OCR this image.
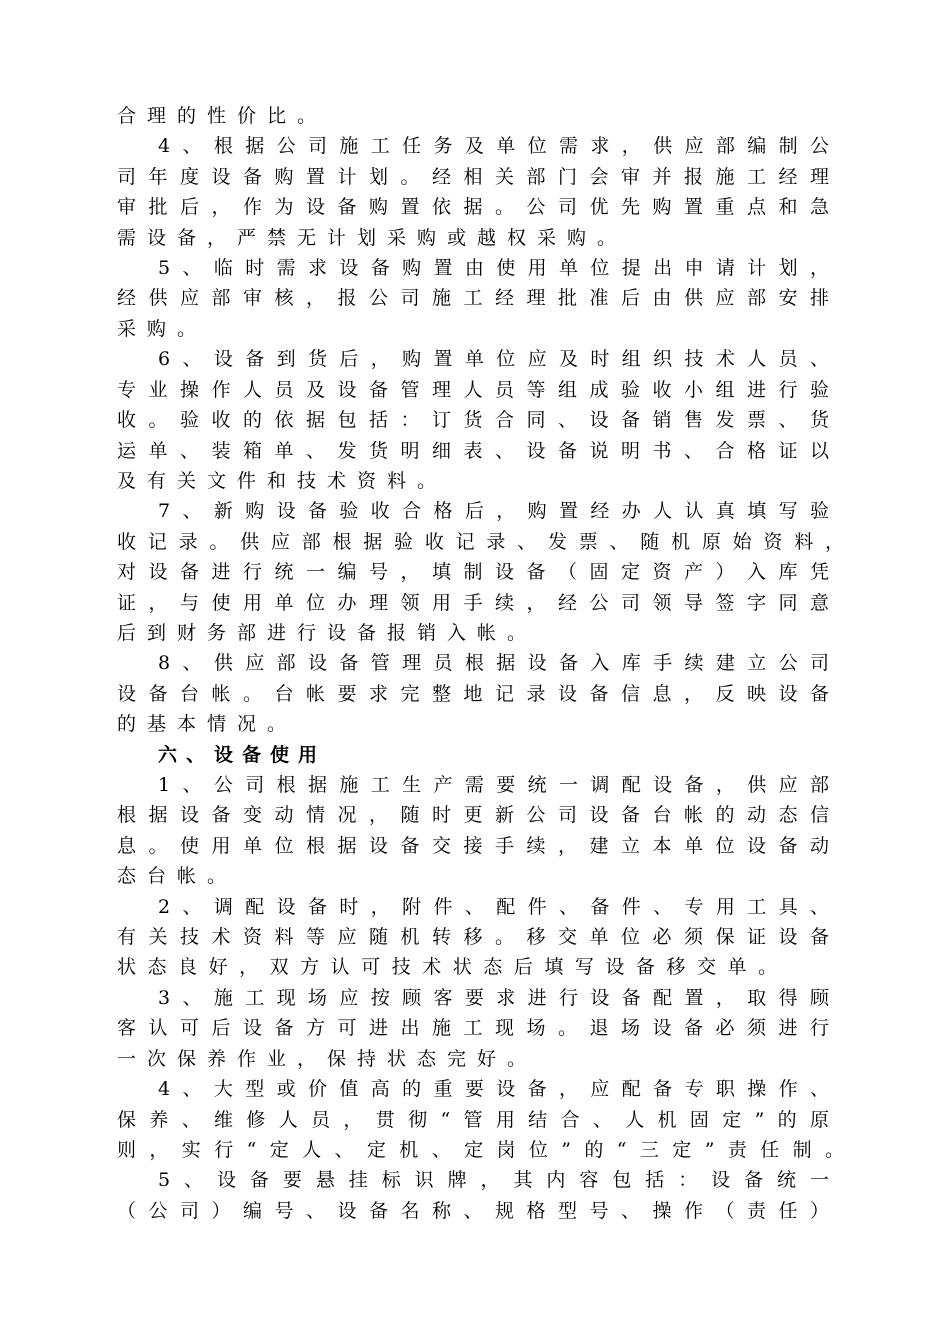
合理的性价比。
4、根据公司施工任务及单位需求，供应部编制公
司年度设备购置计划。经相关部门会审并报施工经理
审批后，作为设备购置依据。公司优先购置重点和急
需设备，严禁无计划采购或越权采购。
5、临时需求设备购置由使用单位提出申请计划，
经供应部审核，报公司施工经理批准后由供应部安排
采购。
6、设备到货后，购置单位应及时组织技术人员、
专业操作人员及设备管理人员等组成验收小组进行验
收。验收的依据包括：订货合同、设备销售发票、货
运单、装箱单、发货明细表、设备说明书、合格证以
及有关文件和技术资料。
7、新购设备验收合格后，购置经办人认真填写验
收记录。供应部根据验收记录、发票、随机原始资料，
对设备进行统一编号，填制设备（固定资产）入库凭
证，与使用单位办理领用手续，经公司领导签字同意
后到财务部进行设备报销入帐。
8、供应部设备管理员根据设备入库手续建立公司
设备台帐。台帐要求完整地记录设备信息，反映设备
的基本情况。
六、设备使用
1、公司根据施工生产需要统一调配设备，供应部
根据设备变动情况，随时更新公司设备台帐的动态信
息。使用单位根据设备交接手续，建立本单位设备动
态台帐。
2、调配设备时，附件、配件、备件、专用工具、
有关技术资料等应随机转移。移交单位必须保证设备
状态良好，双方认可技术状态后填写设备移交单。
3、施工现场应按顾客要求进行设备配置，取得顾
客认可后设备方可进出施工现场。退场设备必须进行
一次保养作业，保持状态完好。
4、大型或价值高的重要设备，应配备专职操作、
保养、维修人员，贯彻“管用结合、人机固定”的原
则，实行“定人、定机、定岗位”的“三定”责任制。
5、设备要悬挂标识牌，其内容包括：设备统一
（公司）编号、设备名称、规格型号、操作（责任）
